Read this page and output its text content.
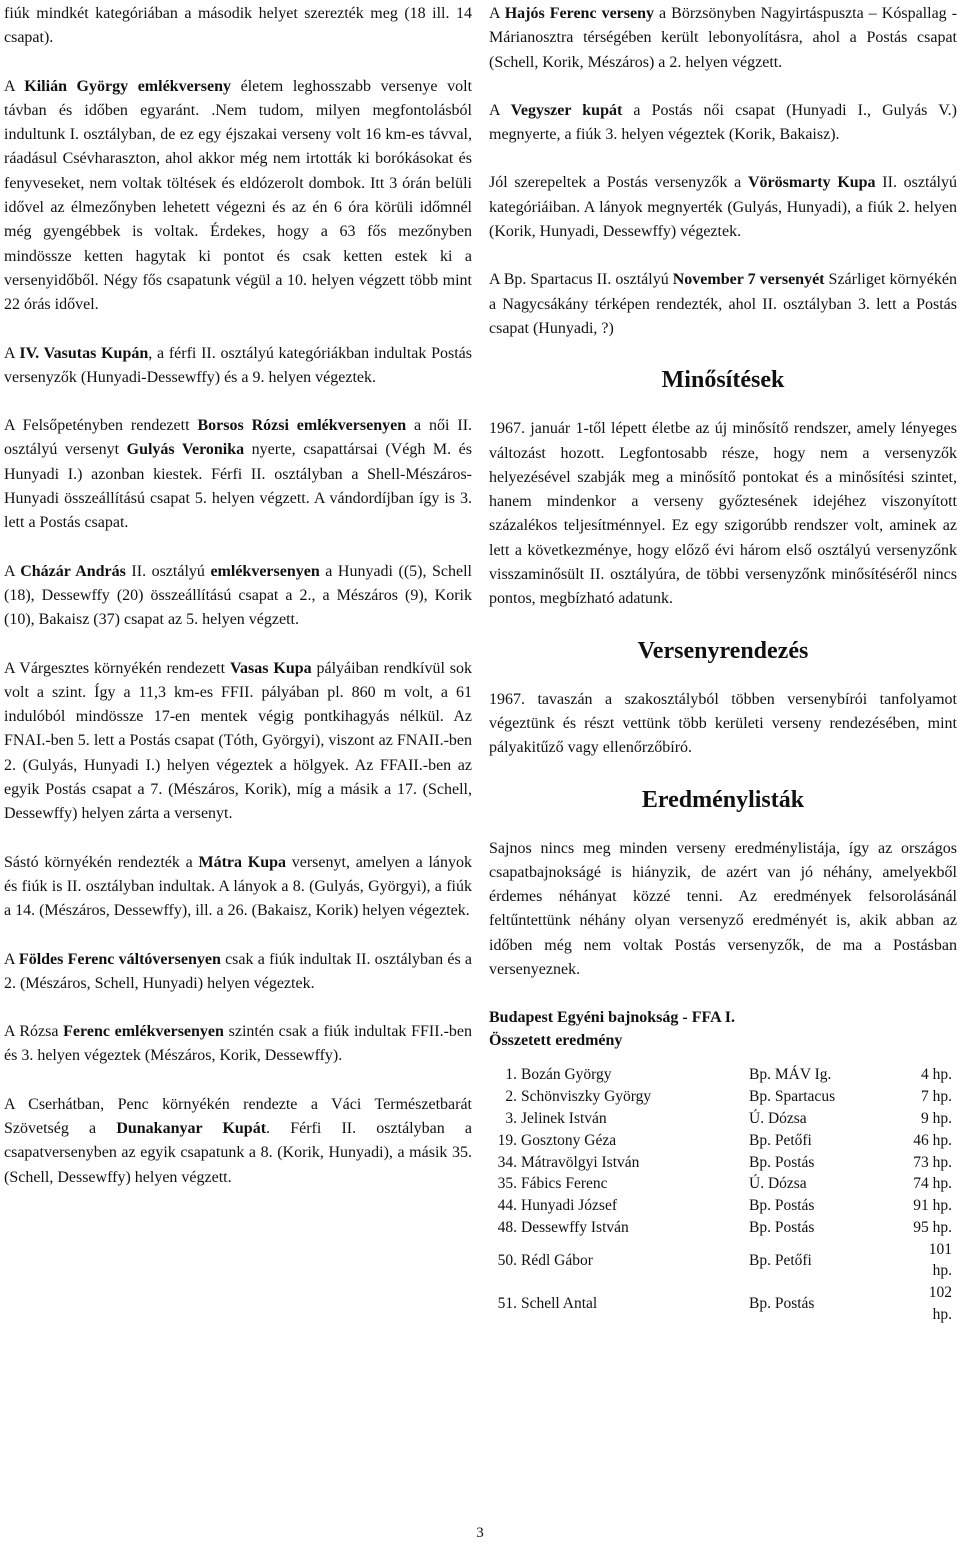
fiúk mindkét kategóriában a második helyet szerezték meg (18 ill. 14 csapat).

A Kilián György emlékverseny életem leghosszabb versenye volt távban és időben egyaránt. .Nem tudom, milyen megfontolásból indultunk I. osztályban, de ez egy éjszakai verseny volt 16 km-es távval, ráadásul Csévharaszton, ahol akkor még nem irtották ki borókásokat és fenyveseket, nem voltak töltések és eldózerolt dombok. Itt 3 órán belüli idővel az élmezőnyben lehetett végezni és az én 6 óra körüli időmnél még gyengébbek is voltak. Érdekes, hogy a 63 fős mezőnyben mindössze ketten hagytak ki pontot és csak ketten estek ki a versenyidőből. Négy fős csapatunk végül a 10. helyen végzett több mint 22 órás idővel.

A IV. Vasutas Kupán, a férfi II. osztályú kategóriákban indultak Postás versenyzők (Hunyadi-Dessewffy) és a 9. helyen végeztek.

A Felsőpetényben rendezett Borsos Rózsi emlékversenyen a női II. osztályú versenyt Gulyás Veronika nyerte, csapattársai (Végh M. és Hunyadi I.) azonban kiestek. Férfi II. osztályban a Shell-Mészáros-Hunyadi összeállítású csapat 5. helyen végzett. A vándordíjban így is 3. lett a Postás csapat.

A Cházár András II. osztályú emlékversenyen a Hunyadi ((5), Schell (18), Dessewffy (20) összeállítású csapat a 2., a Mészáros (9), Korik (10), Bakaisz (37) csapat az 5. helyen végzett.

A Várgesztes környékén rendezett Vasas Kupa pályáiban rendkívül sok volt a szint. Így a 11,3 km-es FFII. pályában pl. 860 m volt, a 61 indulóból mindössze 17-en mentek végig pontkihagyás nélkül. Az FNAI.-ben 5. lett a Postás csapat (Tóth, Györgyi), viszont az FNAII.-ben 2. (Gulyás, Hunyadi I.) helyen végeztek a hölgyek. Az FFAII.-ben az egyik Postás csapat a 7. (Mészáros, Korik), míg a másik a 17. (Schell, Dessewffy) helyen zárta a versenyt.

Sástó környékén rendezték a Mátra Kupa versenyt, amelyen a lányok és fiúk is II. osztályban indultak. A lányok a 8. (Gulyás, Györgyi), a fiúk a 14. (Mészáros, Dessewffy), ill. a 26. (Bakaisz, Korik) helyen végeztek.

A Földes Ferenc váltóversenyen csak a fiúk indultak II. osztályban és a 2. (Mészáros, Schell, Hunyadi) helyen végeztek.

A Rózsa Ferenc emlékversenyen szintén csak a fiúk indultak FFII.-ben és 3. helyen végeztek (Mészáros, Korik, Dessewffy).

A Cserhátban, Penc környékén rendezte a Váci Természetbarát Szövetség a Dunakanyar Kupát. Férfi II. osztályban a csapatversenyben az egyik csapatunk a 8. (Korik, Hunyadi), a másik 35. (Schell, Dessewffy) helyen végzett.

A Hajós Ferenc verseny a Börzsönyben Nagyirtáspuszta – Kóspallag - Márianosztra térségében került lebonyolításra, ahol a Postás csapat (Schell, Korik, Mészáros) a 2. helyen végzett.

A Vegyszer kupát a Postás női csapat (Hunyadi I., Gulyás V.) megnyerte, a fiúk 3. helyen végeztek (Korik, Bakaisz).

Jól szerepeltek a Postás versenyzők a Vörösmarty Kupa II. osztályú kategóriáiban. A lányok megnyerték (Gulyás, Hunyadi), a fiúk 2. helyen (Korik, Hunyadi, Dessewffy) végeztek.

A Bp. Spartacus II. osztályú November 7 versenyét Szárliget környékén a Nagycsákány térképen rendezték, ahol II. osztályban 3. lett a Postás csapat (Hunyadi, ?)

Minősítések

1967. január 1-től lépett életbe az új minősítő rendszer, amely lényeges változást hozott. Legfontosabb része, hogy nem a versenyzők helyezésével szabják meg a minősítő pontokat és a minősítési szintet, hanem mindenkor a verseny győztesének idejéhez viszonyított százalékos teljesítménnyel. Ez egy szigorúbb rendszer volt, aminek az lett a következménye, hogy előző évi három első osztályú versenyzőnk visszaminősült II. osztályúra, de többi versenyzőnk minősítéséről nincs pontos, megbízható adatunk.

Versenyrendezés

1967. tavaszán a szakosztályból többen versenybírói tanfolyamot végeztünk és részt vettünk több kerületi verseny rendezésében, mint pályakitűző vagy ellenőrzőbíró.

Eredménylisták

Sajnos nincs meg minden verseny eredménylistája, így az országos csapatbajnokságé is hiányzik, de azért van jó néhány, amelyekből érdemes néhányat közzé tenni. Az eredmények felsorolásánál feltűntettünk néhány olyan versenyző eredményét is, akik abban az időben még nem voltak Postás versenyzők, de ma a Postásban versenyeznek.

Budapest Egyéni bajnokság - FFA I.
Összetett eredmény
1.	Bozán György	Bp. MÁV Ig.	4 hp.
2.	Schönviszky György	Bp. Spartacus	7 hp.
3.	Jelinek István	Ú. Dózsa	9 hp.
19.	Gosztony Géza	Bp. Petőfi	46 hp.
34.	Mátravölgyi István	Bp. Postás	73 hp.
35.	Fábics Ferenc	Ú. Dózsa	74 hp.
44.	Hunyadi József	Bp. Postás	91 hp.
48.	Dessewffy István	Bp. Postás	95 hp.
50.	Rédl Gábor	Bp. Petőfi	101 hp.
51.	Schell Antal	Bp. Postás	102 hp.
3
